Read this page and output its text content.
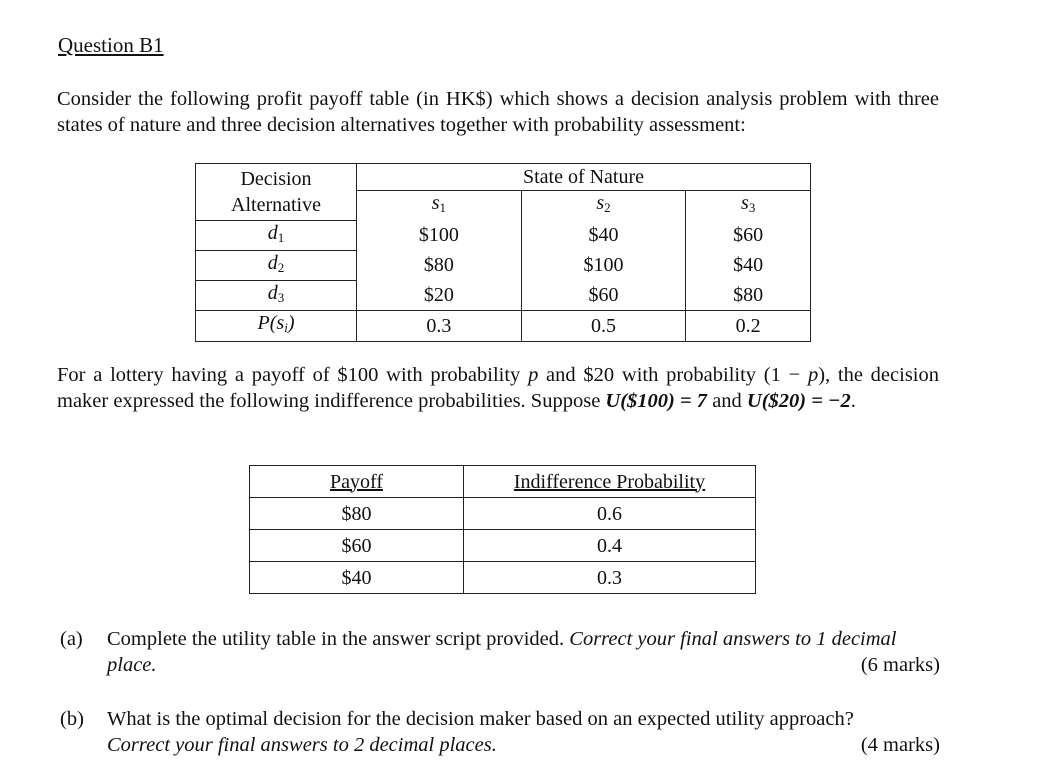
Question B1
Consider the following profit payoff table (in HK$) which shows a decision analysis problem with three states of nature and three decision alternatives together with probability assessment:
Decision
Alternative	State of Nature		
	$s_1$	$s_2$	$s_3$
$d_1$	$100	$40	$60
$d_2$	$80	$100	$40
$d_3$	$20	$60	$80
$P(s_i)$	0.3	0.5	0.2
For a lottery having a payoff of $100 with probability p and $20 with probability (1 − p), the decision maker expressed the following indifference probabilities. Suppose U($100) = 7 and U($20) = −2.
Payoff	Indifference Probability
$80	0.6
$60	0.4
$40	0.3
(a) Complete the utility table in the answer script provided. Correct your final answers to 1 decimal place.	(6 marks)
(b) What is the optimal decision for the decision maker based on an expected utility approach?
Correct your final answers to 2 decimal places.	(4 marks)
